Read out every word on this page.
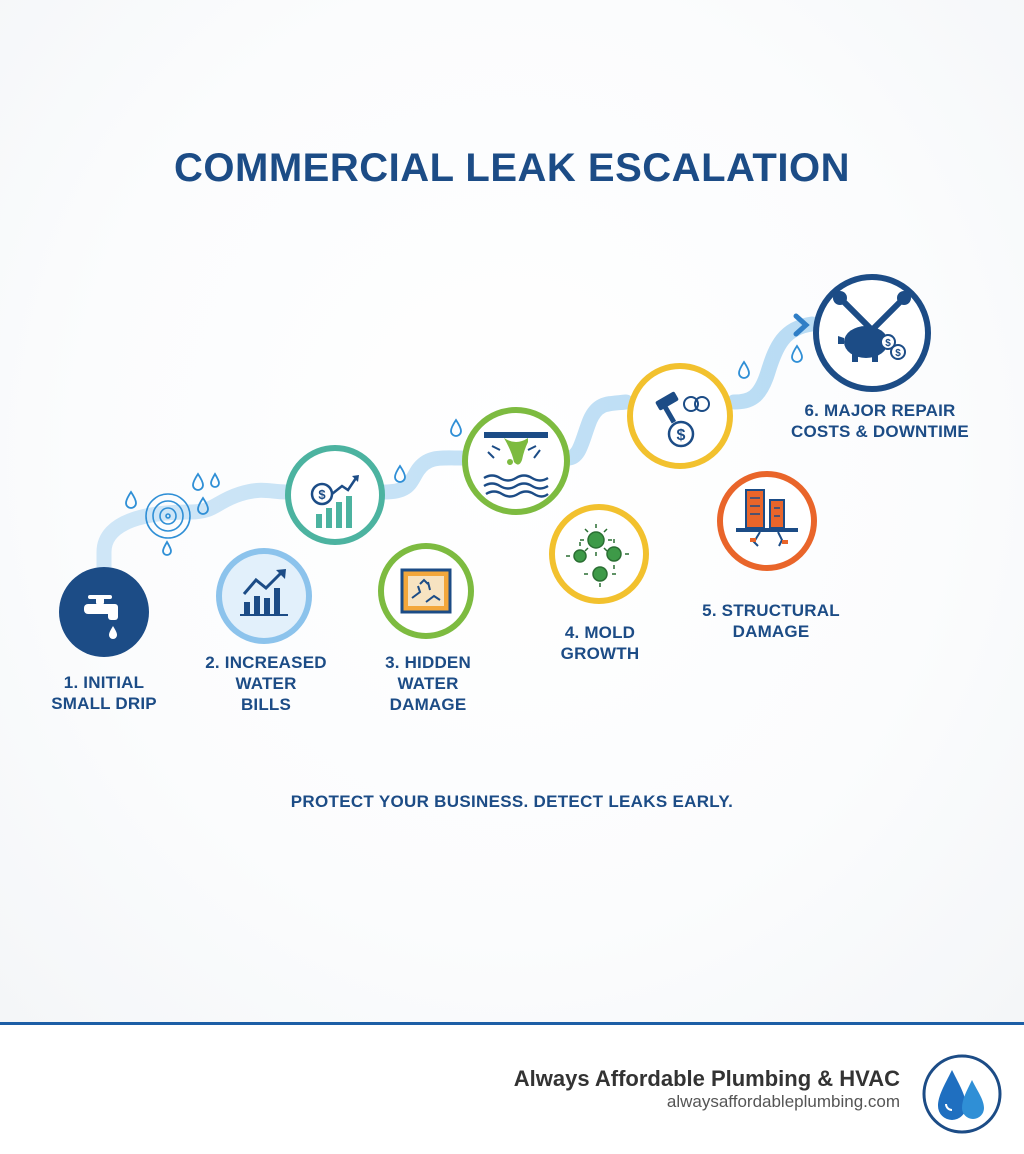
COMMERCIAL LEAK ESCALATION
$
$
$
$
1. INITIAL
SMALL DRIP
2. INCREASED
WATER
BILLS
3. HIDDEN
WATER
DAMAGE
4. MOLD
GROWTH
5. STRUCTURAL
DAMAGE
6. MAJOR REPAIR
COSTS & DOWNTIME
PROTECT YOUR BUSINESS. DETECT LEAKS EARLY.
Always Affordable Plumbing & HVAC
alwaysaffordableplumbing.com
